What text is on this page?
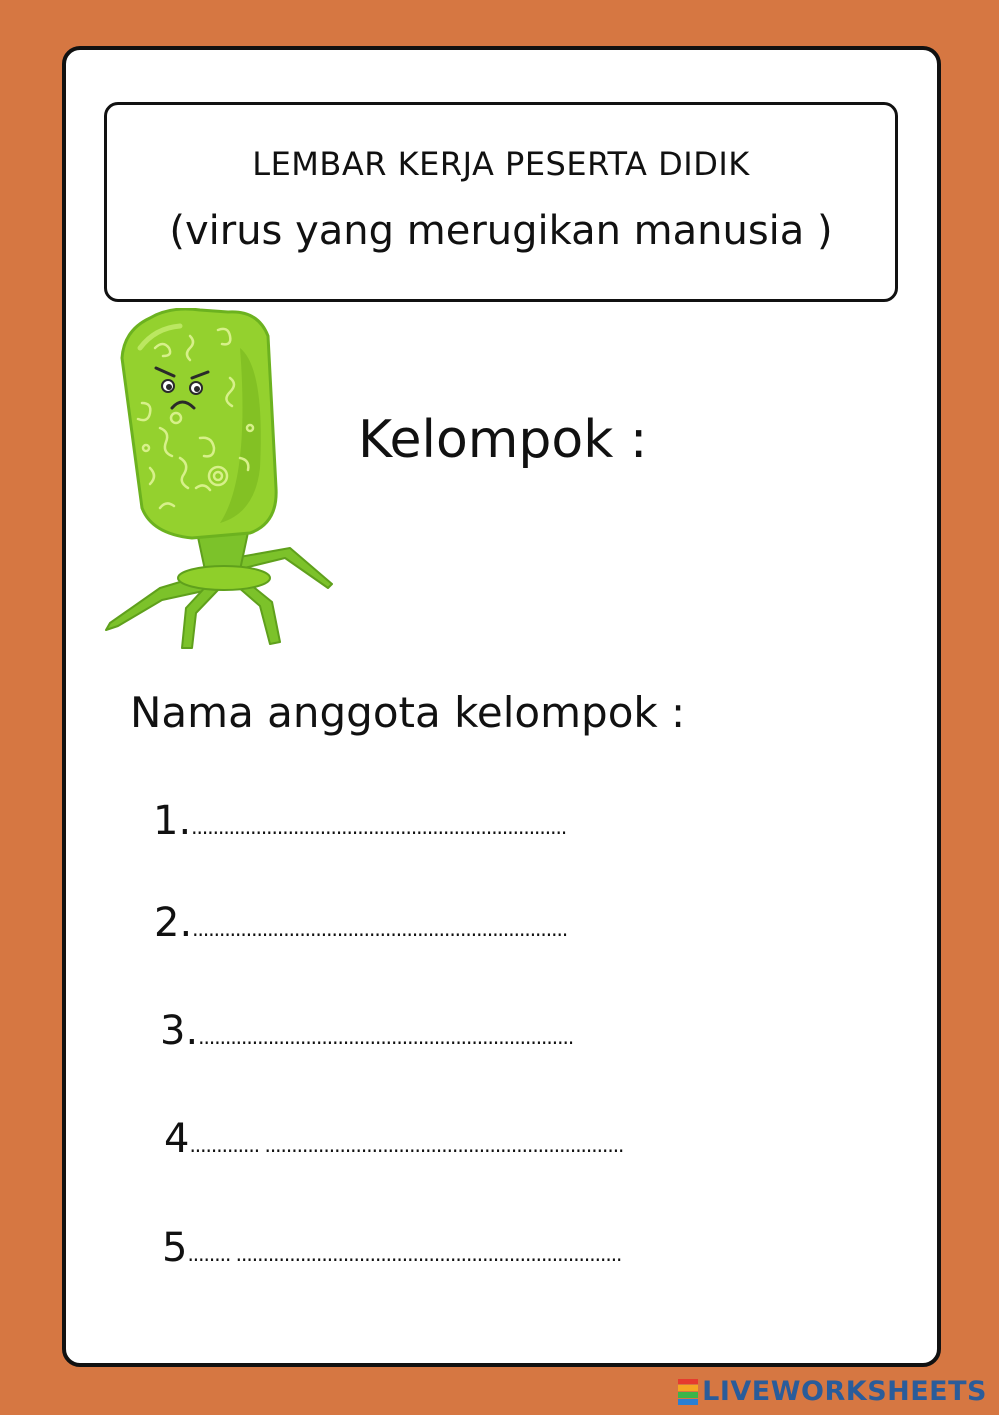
LEMBAR KERJA PESERTA DIDIK
(virus yang merugikan manusia )
Kelompok :
Nama anggota kelompok :
1.......................................................................
2.......................................................................
3.......................................................................
4............. ...................................................................
5........ ........................................................................
LIVEWORKSHEETS
